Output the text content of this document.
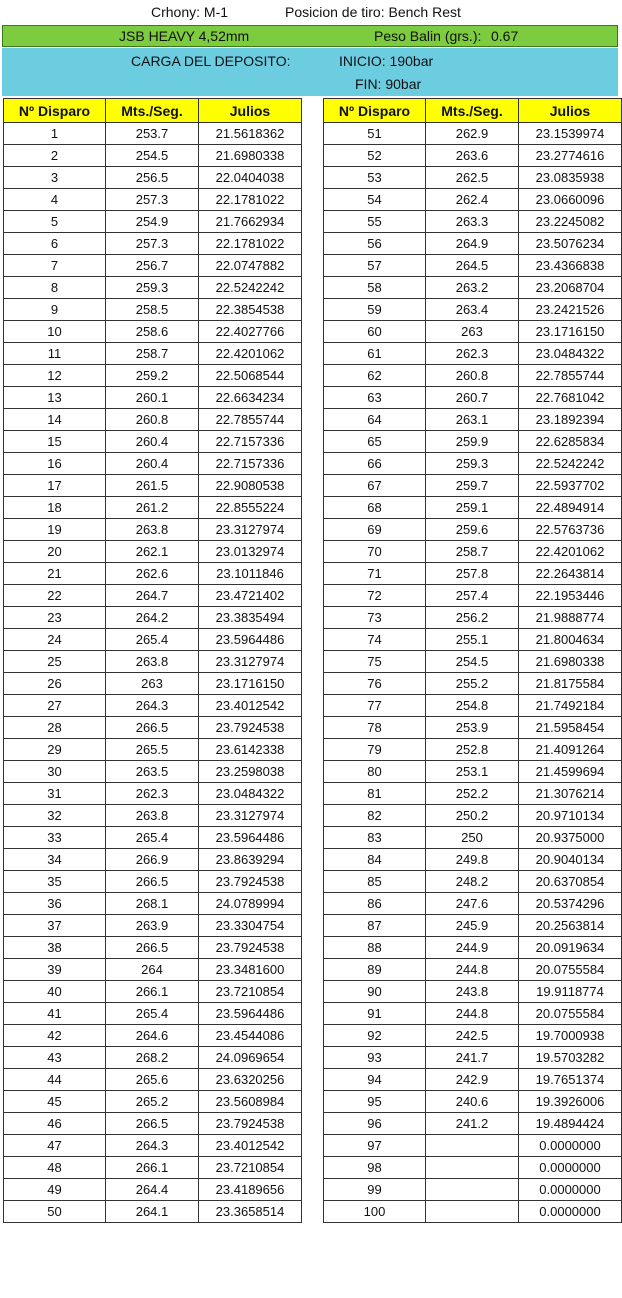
Crhony: M-1	Posicion de tiro: Bench Rest
JSB HEAVY 4,52mm	Peso Balin (grs.): 0.67
CARGA DEL DEPOSITO:	INICIO: 190bar
FIN: 90bar
Nº Disparo	Mts./Seg.	Julios
1	253.7	21.5618362
2	254.5	21.6980338
3	256.5	22.0404038
4	257.3	22.1781022
5	254.9	21.7662934
6	257.3	22.1781022
7	256.7	22.0747882
8	259.3	22.5242242
9	258.5	22.3854538
10	258.6	22.4027766
11	258.7	22.4201062
12	259.2	22.5068544
13	260.1	22.6634234
14	260.8	22.7855744
15	260.4	22.7157336
16	260.4	22.7157336
17	261.5	22.9080538
18	261.2	22.8555224
19	263.8	23.3127974
20	262.1	23.0132974
21	262.6	23.1011846
22	264.7	23.4721402
23	264.2	23.3835494
24	265.4	23.5964486
25	263.8	23.3127974
26	263	23.1716150
27	264.3	23.4012542
28	266.5	23.7924538
29	265.5	23.6142338
30	263.5	23.2598038
31	262.3	23.0484322
32	263.8	23.3127974
33	265.4	23.5964486
34	266.9	23.8639294
35	266.5	23.7924538
36	268.1	24.0789994
37	263.9	23.3304754
38	266.5	23.7924538
39	264	23.3481600
40	266.1	23.7210854
41	265.4	23.5964486
42	264.6	23.4544086
43	268.2	24.0969654
44	265.6	23.6320256
45	265.2	23.5608984
46	266.5	23.7924538
47	264.3	23.4012542
48	266.1	23.7210854
49	264.4	23.4189656
50	264.1	23.3658514
Nº Disparo	Mts./Seg.	Julios
51	262.9	23.1539974
52	263.6	23.2774616
53	262.5	23.0835938
54	262.4	23.0660096
55	263.3	23.2245082
56	264.9	23.5076234
57	264.5	23.4366838
58	263.2	23.2068704
59	263.4	23.2421526
60	263	23.1716150
61	262.3	23.0484322
62	260.8	22.7855744
63	260.7	22.7681042
64	263.1	23.1892394
65	259.9	22.6285834
66	259.3	22.5242242
67	259.7	22.5937702
68	259.1	22.4894914
69	259.6	22.5763736
70	258.7	22.4201062
71	257.8	22.2643814
72	257.4	22.1953446
73	256.2	21.9888774
74	255.1	21.8004634
75	254.5	21.6980338
76	255.2	21.8175584
77	254.8	21.7492184
78	253.9	21.5958454
79	252.8	21.4091264
80	253.1	21.4599694
81	252.2	21.3076214
82	250.2	20.9710134
83	250	20.9375000
84	249.8	20.9040134
85	248.2	20.6370854
86	247.6	20.5374296
87	245.9	20.2563814
88	244.9	20.0919634
89	244.8	20.0755584
90	243.8	19.9118774
91	244.8	20.0755584
92	242.5	19.7000938
93	241.7	19.5703282
94	242.9	19.7651374
95	240.6	19.3926006
96	241.2	19.4894424
97		0.0000000
98		0.0000000
99		0.0000000
100		0.0000000
